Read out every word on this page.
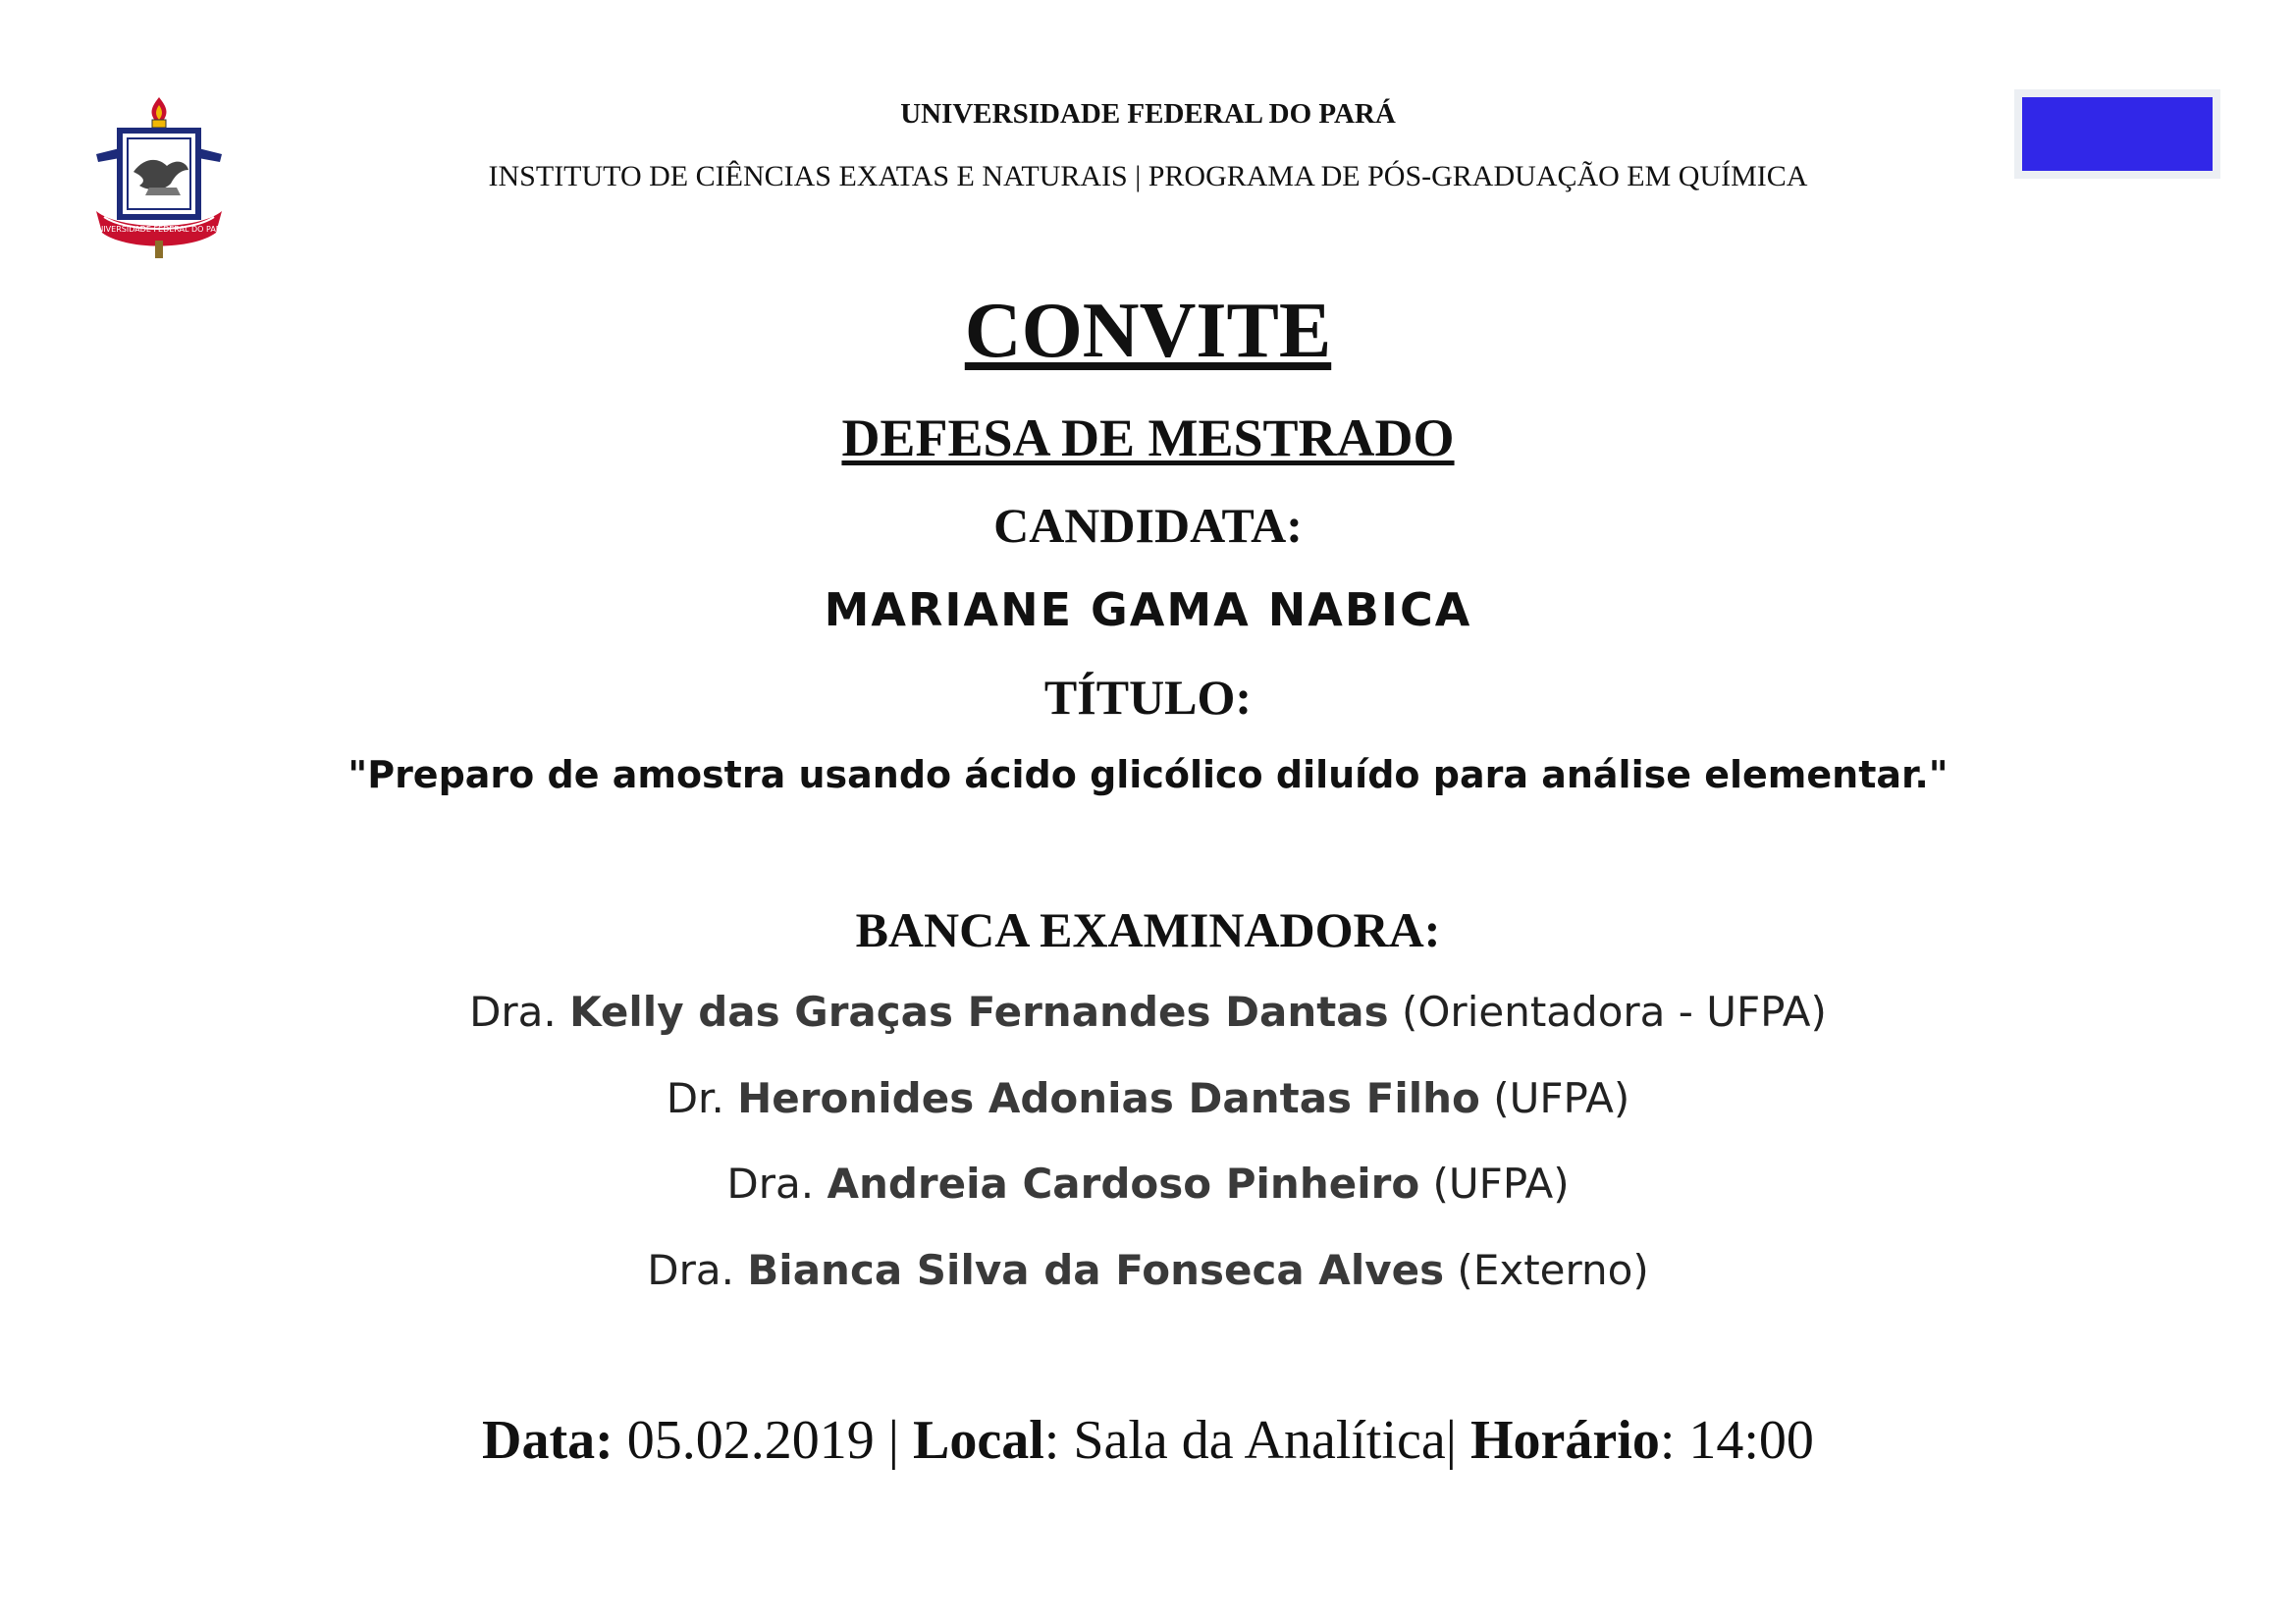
UNIVERSIDADE FEDERAL DO PARÁ
UNIVERSIDADE FEDERAL DO PARÁ
INSTITUTO DE CIÊNCIAS EXATAS E NATURAIS | PROGRAMA DE PÓS-GRADUAÇÃO EM QUÍMICA
CONVITE
DEFESA DE MESTRADO
CANDIDATA:
MARIANE GAMA NABICA
TÍTULO:
"Preparo de amostra usando ácido glicólico diluído para análise elementar."
BANCA EXAMINADORA:
Dra. Kelly das Graças Fernandes Dantas (Orientadora - UFPA)
Dr. Heronides Adonias Dantas Filho (UFPA)
Dra. Andreia Cardoso Pinheiro (UFPA)
Dra. Bianca Silva da Fonseca Alves (Externo)
Data: 05.02.2019 | Local: Sala da Analítica| Horário: 14:00
